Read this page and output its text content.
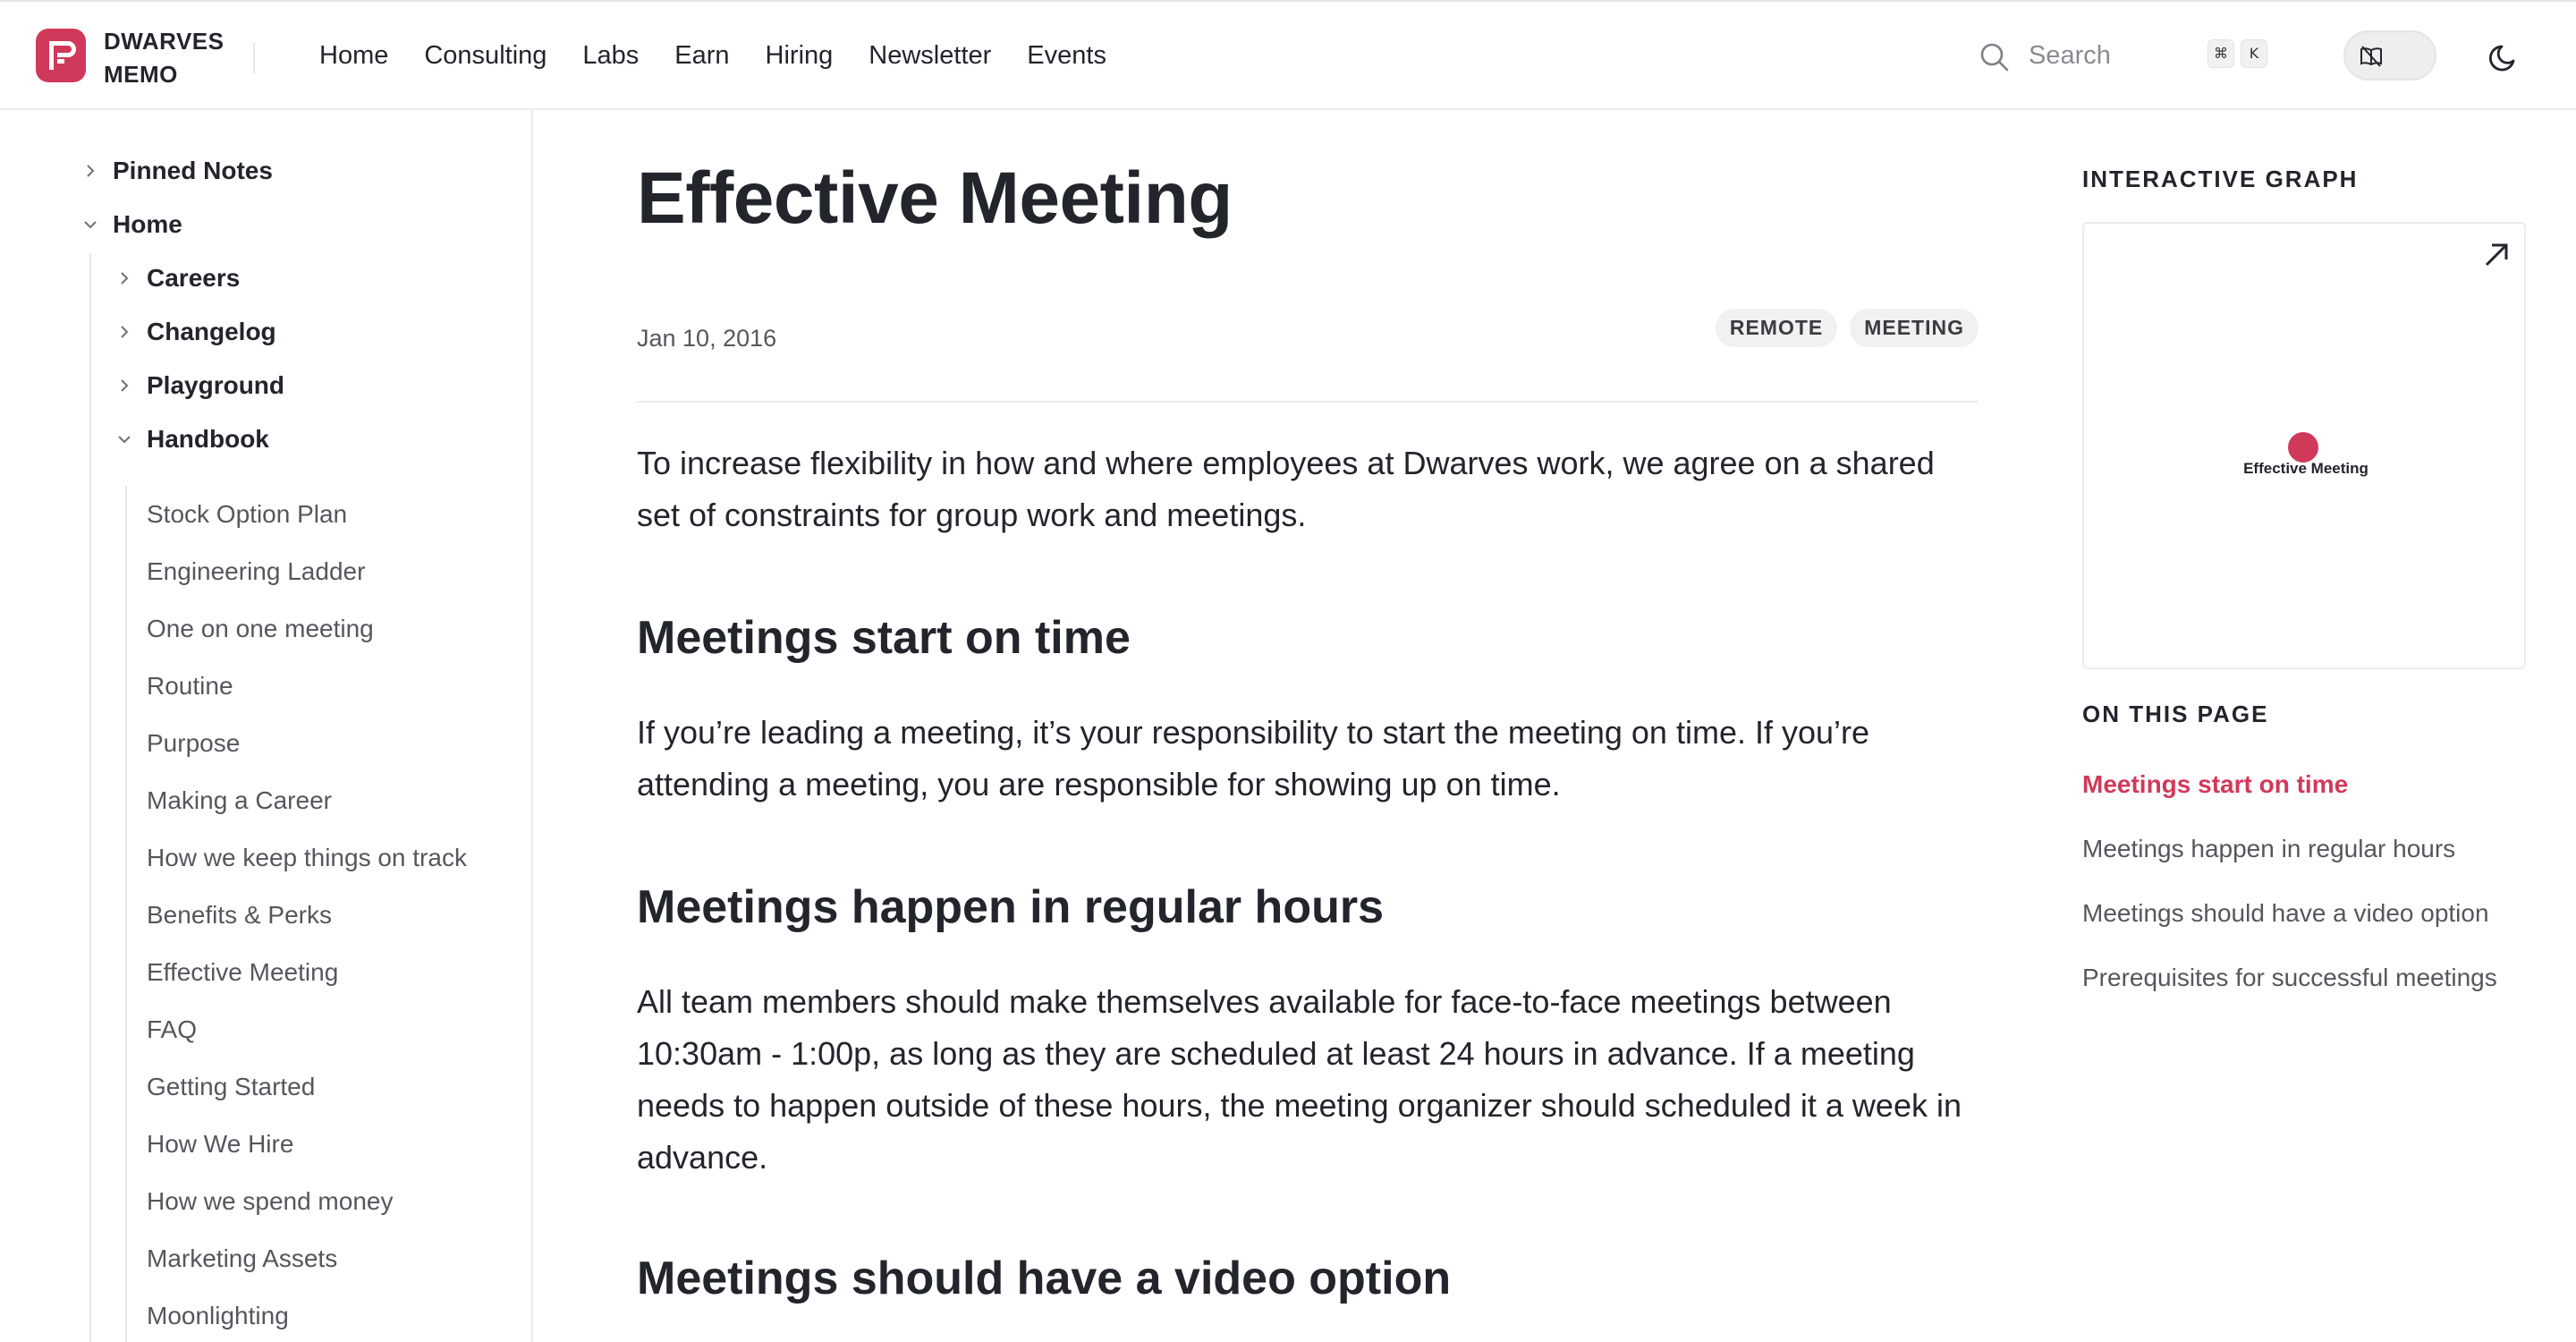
DWARVES
MEMO
Home Consulting Labs Earn Hiring Newsletter Events	Search	⌘	K
Pinned Notes
Home
Careers
Changelog
Playground
Handbook
Stock Option Plan
Engineering Ladder
One on one meeting
Routine
Purpose
Making a Career
How we keep things on track
Benefits & Perks
Effective Meeting
FAQ
Getting Started
How We Hire
How we spend money
Marketing Assets
Moonlighting
Effective Meeting
Jan 10, 2016	REMOTE	MEETING

To increase flexibility in how and where employees at Dwarves work, we agree on a shared set of constraints for group work and meetings.

Meetings start on time

If you’re leading a meeting, it’s your responsibility to start the meeting on time. If you’re attending a meeting, you are responsible for showing up on time.

Meetings happen in regular hours

All team members should make themselves available for face-to-face meetings between 10:30am - 1:00p, as long as they are scheduled at least 24 hours in advance. If a meeting needs to happen outside of these hours, the meeting organizer should scheduled it a week in advance.

Meetings should have a video option
INTERACTIVE GRAPH
Effective Meeting
ON THIS PAGE
Meetings start on time
Meetings happen in regular hours
Meetings should have a video option
Prerequisites for successful meetings
